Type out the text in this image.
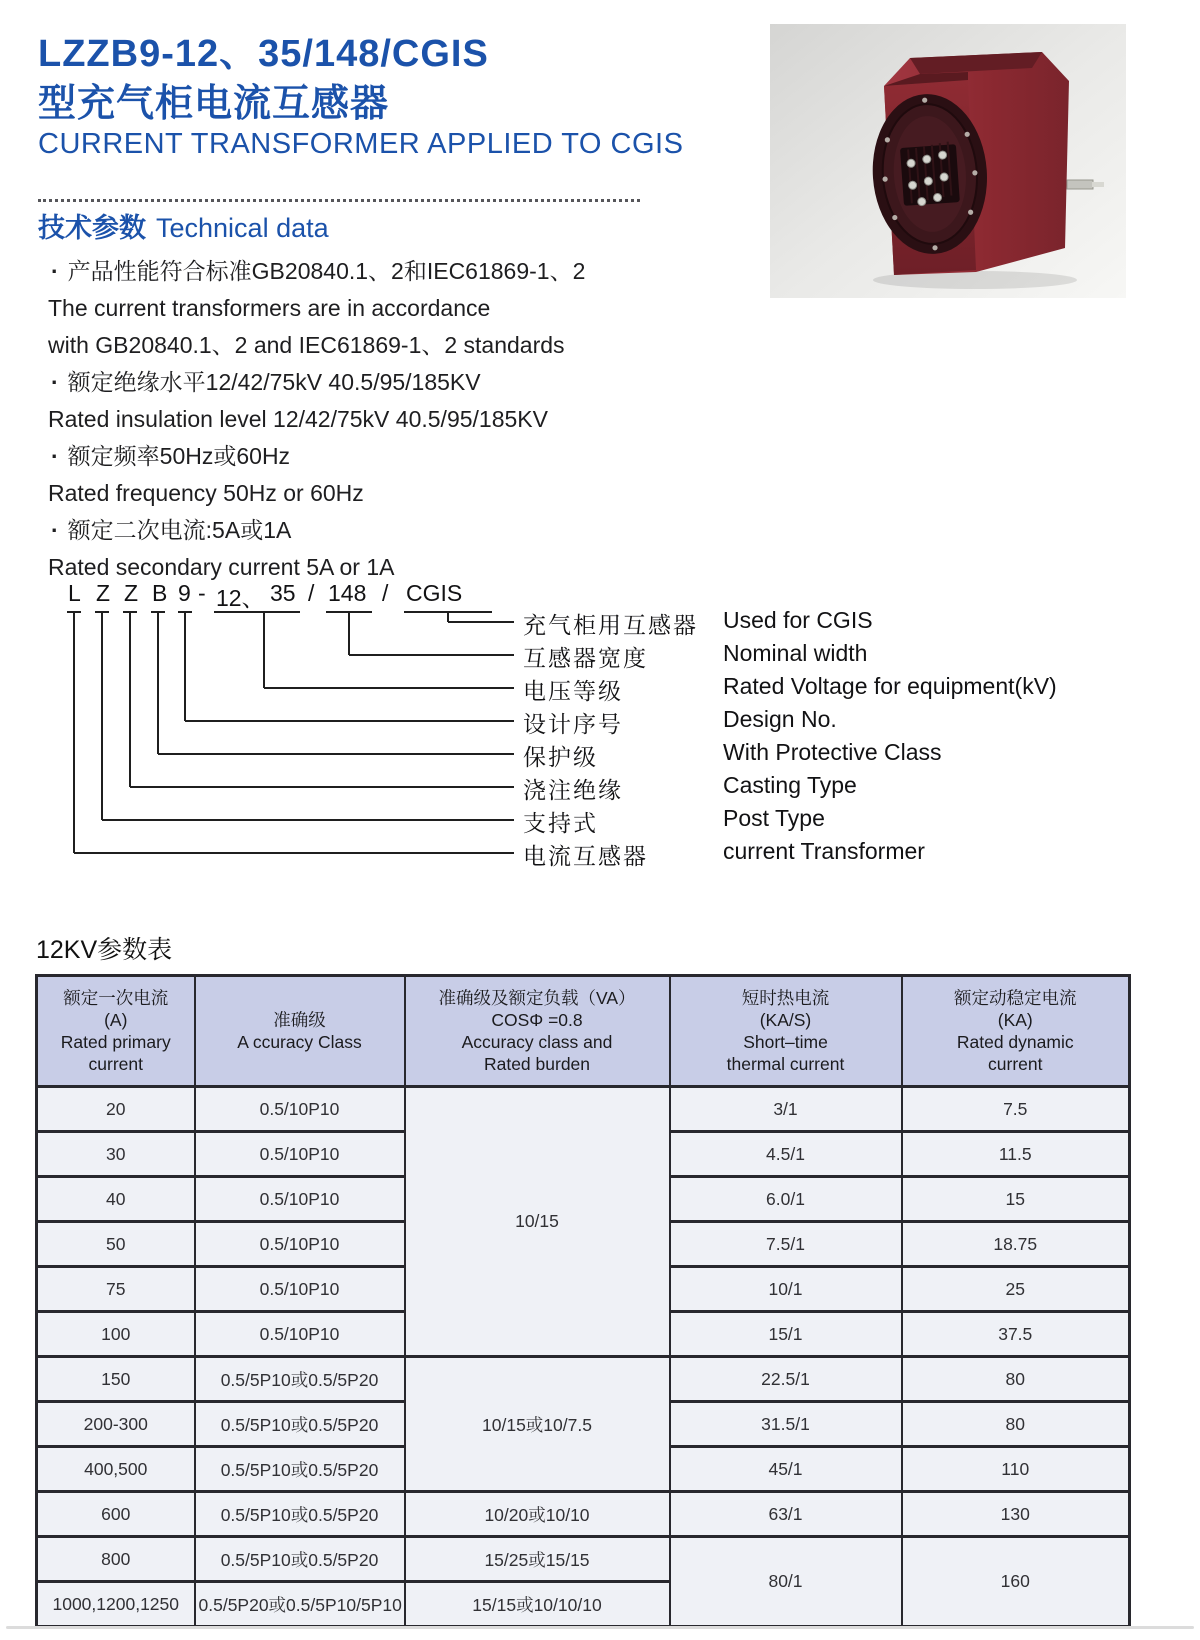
LZZB9-12、35/148/CGIS
型充气柜电流互感器
CURRENT TRANSFORMER APPLIED TO CGIS
技术参数 Technical data
· 产品性能符合标准GB20840.1、2和IEC61869-1、2
The current transformers are in accordance
with GB20840.1、2 and IEC61869-1、2 standards
· 额定绝缘水平12/42/75kV 40.5/95/185KV
Rated insulation level 12/42/75kV 40.5/95/185KV
· 额定频率50Hz或60Hz
Rated frequency 50Hz or 60Hz
· 额定二次电流:5A或1A
Rated secondary current 5A or 1A
L Z Z B 9 - 12、 35 / 148 / CGIS
充气柜用互感器	Used for CGIS
互感器宽度	Nominal width
电压等级	Rated Voltage for equipment(kV)
设计序号	Design No.
保护级	With Protective Class
浇注绝缘	Casting Type
支持式	Post Type
电流互感器	current Transformer
12KV参数表
额定一次电流
(A)
Rated primary
current

准确级
A ccuracy Class

准确级及额定负载（VA）
COSΦ =0.8
Accuracy class and
Rated burden

短时热电流
(KA/S)
Short–time
thermal current

额定动稳定电流
(KA)
Rated dynamic
current

20	0.5/10P10	10/15	3/1	7.5
30	0.5/10P10		4.5/1	11.5
40	0.5/10P10		6.0/1	15
50	0.5/10P10		7.5/1	18.75
75	0.5/10P10		10/1	25
100	0.5/10P10		15/1	37.5
150	0.5/5P10或0.5/5P20	10/15或10/7.5	22.5/1	80
200-300	0.5/5P10或0.5/5P20		31.5/1	80
400,500	0.5/5P10或0.5/5P20		45/1	110
600	0.5/5P10或0.5/5P20	10/20或10/10	63/1	130
800	0.5/5P10或0.5/5P20	15/25或15/15	80/1	160
1000,1200,1250	0.5/5P20或0.5/5P10/5P10	15/15或10/10/10		
